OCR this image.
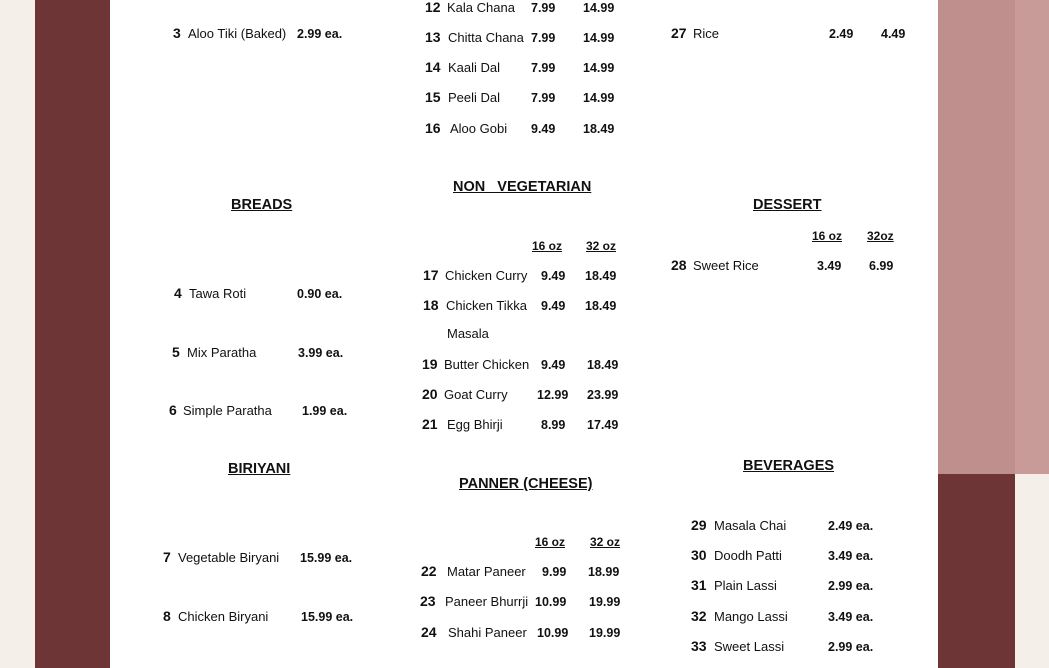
BREADS
NON   VEGETARIAN
DESSERT
BIRIYANI
PANNER (CHEESE)
BEVERAGES
16 oz 32 oz
16 oz 32oz
16 oz 32 oz
3 Aloo Tiki (Baked) 2.99 ea.
4 Tawa Roti	0.90 ea.
5 Mix Paratha	3.99 ea.
6 Simple Paratha 1.99 ea.
7 Vegetable Biryani 15.99 ea.
8 Chicken Biryani	15.99 ea.
12 Kala Chana 7.99 14.99
13 Chitta Chana 7.99 14.99
14 Kaali Dal 7.99 14.99
15 Peeli Dal 7.99 14.99
16 Aloo Gobi 9.49 18.49
17 Chicken Curry 9.49 18.49
18 Chicken Tikka
Masala
9.49 18.49
19 Butter Chicken 9.49 18.49
20 Goat Curry 12.99 23.99
21 Egg Bhirji	8.99 17.49
22 Matar Paneer 9.99 18.99
23 Paneer Bhurrji 10.99 19.99
24 Shahi Paneer 10.99 19.99
27 Rice	2.49 4.49
28 Sweet Rice	3.49 6.99
29 Masala Chai	2.49 ea.
30 Doodh Patti	3.49 ea.
31 Plain Lassi	2.99 ea.
32 Mango Lassi	3.49 ea.
33 Sweet Lassi	2.99 ea.
